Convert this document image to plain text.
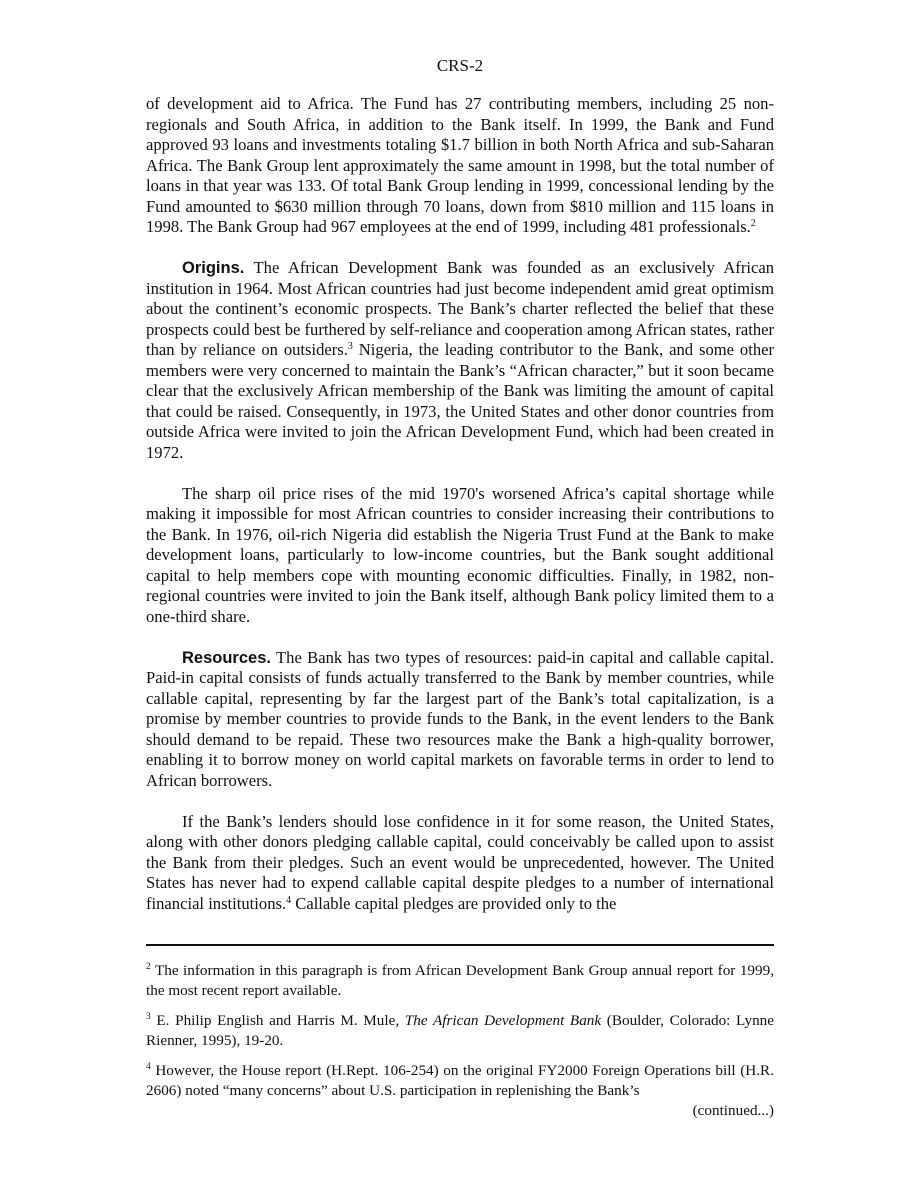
CRS-2

of development aid to Africa. The Fund has 27 contributing members, including 25 non-regionals and South Africa, in addition to the Bank itself. In 1999, the Bank and Fund approved 93 loans and investments totaling $1.7 billion in both North Africa and sub-Saharan Africa. The Bank Group lent approximately the same amount in 1998, but the total number of loans in that year was 133. Of total Bank Group lending in 1999, concessional lending by the Fund amounted to $630 million through 70 loans, down from $810 million and 115 loans in 1998. The Bank Group had 967 employees at the end of 1999, including 481 professionals.$^2$

Origins. The African Development Bank was founded as an exclusively African institution in 1964. Most African countries had just become independent amid great optimism about the continent’s economic prospects. The Bank’s charter reflected the belief that these prospects could best be furthered by self-reliance and cooperation among African states, rather than by reliance on outsiders.$^3$ Nigeria, the leading contributor to the Bank, and some other members were very concerned to maintain the Bank’s “African character,” but it soon became clear that the exclusively African membership of the Bank was limiting the amount of capital that could be raised. Consequently, in 1973, the United States and other donor countries from outside Africa were invited to join the African Development Fund, which had been created in 1972.

The sharp oil price rises of the mid 1970's worsened Africa’s capital shortage while making it impossible for most African countries to consider increasing their contributions to the Bank. In 1976, oil-rich Nigeria did establish the Nigeria Trust Fund at the Bank to make development loans, particularly to low-income countries, but the Bank sought additional capital to help members cope with mounting economic difficulties. Finally, in 1982, non-regional countries were invited to join the Bank itself, although Bank policy limited them to a one-third share.

Resources. The Bank has two types of resources: paid-in capital and callable capital. Paid-in capital consists of funds actually transferred to the Bank by member countries, while callable capital, representing by far the largest part of the Bank’s total capitalization, is a promise by member countries to provide funds to the Bank, in the event lenders to the Bank should demand to be repaid. These two resources make the Bank a high-quality borrower, enabling it to borrow money on world capital markets on favorable terms in order to lend to African borrowers.

If the Bank’s lenders should lose confidence in it for some reason, the United States, along with other donors pledging callable capital, could conceivably be called upon to assist the Bank from their pledges. Such an event would be unprecedented, however. The United States has never had to expend callable capital despite pledges to a number of international financial institutions.$^4$ Callable capital pledges are provided only to the

$^2$ The information in this paragraph is from African Development Bank Group annual report for 1999, the most recent report available.

$^3$ E. Philip English and Harris M. Mule, The African Development Bank (Boulder, Colorado: Lynne Rienner, 1995), 19-20.

$^4$ However, the House report (H.Rept. 106-254) on the original FY2000 Foreign Operations bill (H.R. 2606) noted “many concerns” about U.S. participation in replenishing the Bank’s

(continued...)
